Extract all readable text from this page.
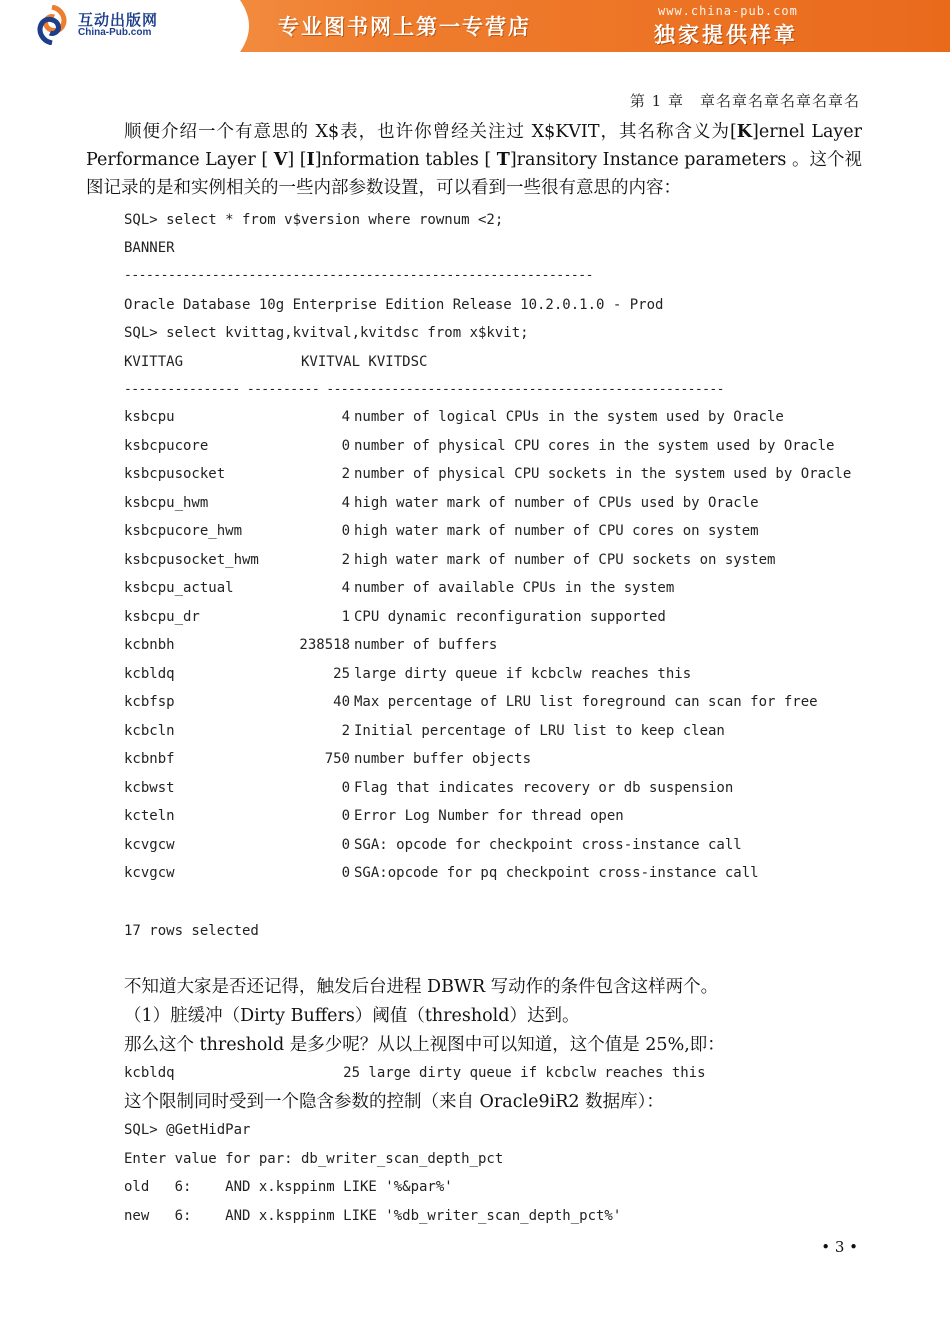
互动出版网
China-Pub.com	专业图书网上第一专营店
www.china-pub.com
独家提供样章
第 1 章　章名章名章名章名章名
顺便介绍一个有意思的 X$表，也许你曾经关注过 X$KVIT，其名称含义为[K]ernel Layer Performance Layer [ V] [I]nformation tables [ T]ransitory Instance parameters 。这个视图记录的是和实例相关的一些内部参数设置，可以看到一些很有意思的内容：
SQL> select * from v$version where rownum <2;
BANNER
----------------------------------------------------------------
Oracle Database 10g Enterprise Edition Release 10.2.0.1.0 - Prod
SQL> select kvittag,kvitval,kvitdsc from x$kvit;
KVITTAG              KVITVAL KVITDSC
---------------- ---------- -------------------------------------------------------
ksbcpu	4 number of logical CPUs in the system used by Oracle
ksbcpucore	0 number of physical CPU cores in the system used by Oracle
ksbcpusocket	2 number of physical CPU sockets in the system used by Oracle
ksbcpu_hwm	4 high water mark of number of CPUs used by Oracle
ksbcpucore_hwm	0 high water mark of number of CPU cores on system
ksbcpusocket_hwm	2 high water mark of number of CPU sockets on system
ksbcpu_actual	4 number of available CPUs in the system
ksbcpu_dr	1 CPU dynamic reconfiguration supported
kcbnbh	238518 number of buffers
kcbldq	25 large dirty queue if kcbclw reaches this
kcbfsp	40 Max percentage of LRU list foreground can scan for free
kcbcln	2 Initial percentage of LRU list to keep clean
kcbnbf	750 number buffer objects
kcbwst	0 Flag that indicates recovery or db suspension
kcteln	0 Error Log Number for thread open
kcvgcw	0 SGA: opcode for checkpoint cross-instance call
kcvgcw	0 SGA:opcode for pq checkpoint cross-instance call
17 rows selected
不知道大家是否还记得，触发后台进程 DBWR 写动作的条件包含这样两个。
（1）脏缓冲（Dirty Buffers）阈值（threshold）达到。
那么这个 threshold 是多少呢？从以上视图中可以知道，这个值是 25%,即：
kcbldq                    25 large dirty queue if kcbclw reaches this
这个限制同时受到一个隐含参数的控制（来自 Oracle9iR2 数据库）：
SQL> @GetHidPar
Enter value for par: db_writer_scan_depth_pct
old   6:    AND x.ksppinm LIKE '%&par%'
new   6:    AND x.ksppinm LIKE '%db_writer_scan_depth_pct%'
• 3 •
